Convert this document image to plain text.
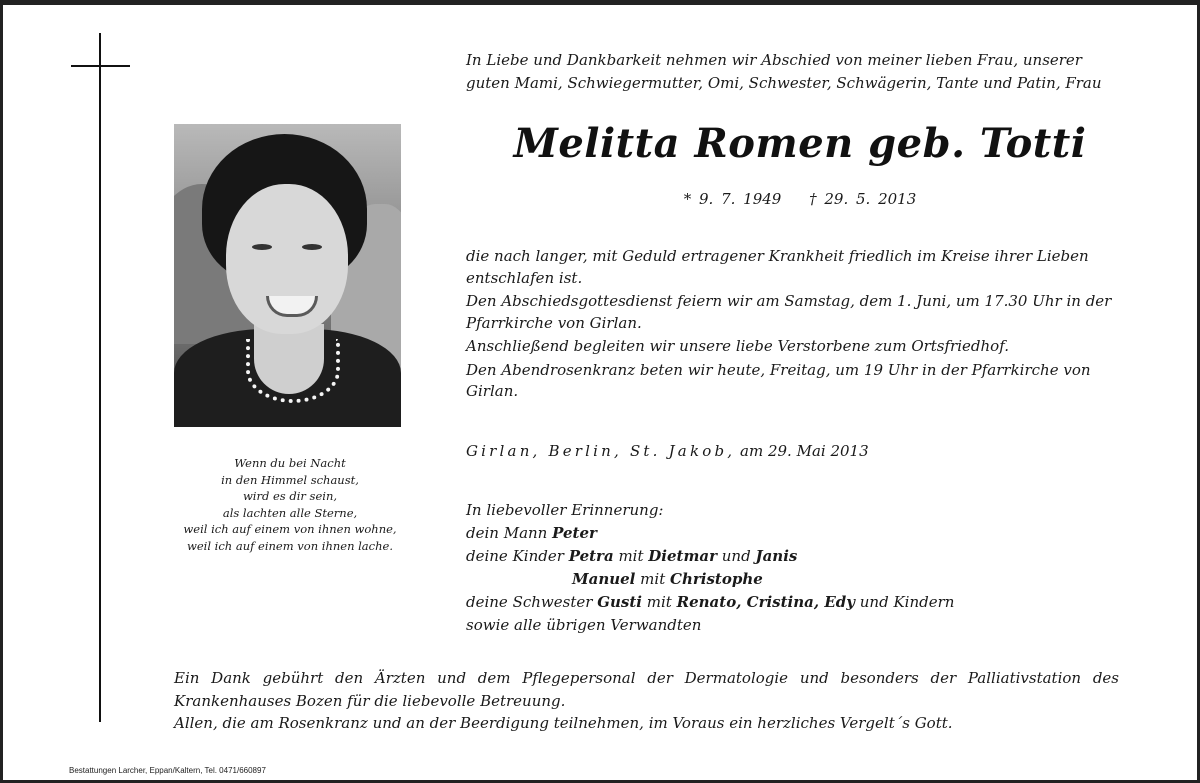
In Liebe und Dankbarkeit nehmen wir Abschied von meiner lieben Frau, unserer guten Mami, Schwiegermutter, Omi, Schwester, Schwägerin, Tante und Patin, Frau
Melitta Romen geb. Totti
* 9. 7. 1949 † 29. 5. 2013
Wenn du bei Nacht
in den Himmel schaust,
wird es dir sein,
als lachten alle Sterne,
weil ich auf einem von ihnen wohne,
weil ich auf einem von ihnen lache.

die nach langer, mit Geduld ertragener Krankheit friedlich im Kreise ihrer Lieben entschlafen ist.

Den Abschiedsgottesdienst feiern wir am Samstag, dem 1. Juni, um 17.30 Uhr in der Pfarrkirche von Girlan.

Anschließend begleiten wir unsere liebe Verstorbene zum Ortsfriedhof.

Den Abendrosenkranz beten wir heute, Freitag, um 19 Uhr in der Pfarrkirche von Girlan.

Girlan, Berlin, St. Jakob, am 29. Mai 2013
In liebevoller Erinnerung:
dein Mann Peter
deine Kinder Petra mit Dietmar und Janis
Manuel mit Christophe
deine Schwester Gusti mit Renato, Cristina, Edy und Kindern
sowie alle übrigen Verwandten

Ein Dank gebührt den Ärzten und dem Pflegepersonal der Dermatologie und besonders der Palliativstation des Krankenhauses Bozen für die liebevolle Betreuung.

Allen, die am Rosenkranz und an der Beerdigung teilnehmen, im Voraus ein herzliches Vergelt´s Gott.

Bestattungen Larcher, Eppan/Kaltern, Tel. 0471/660897
